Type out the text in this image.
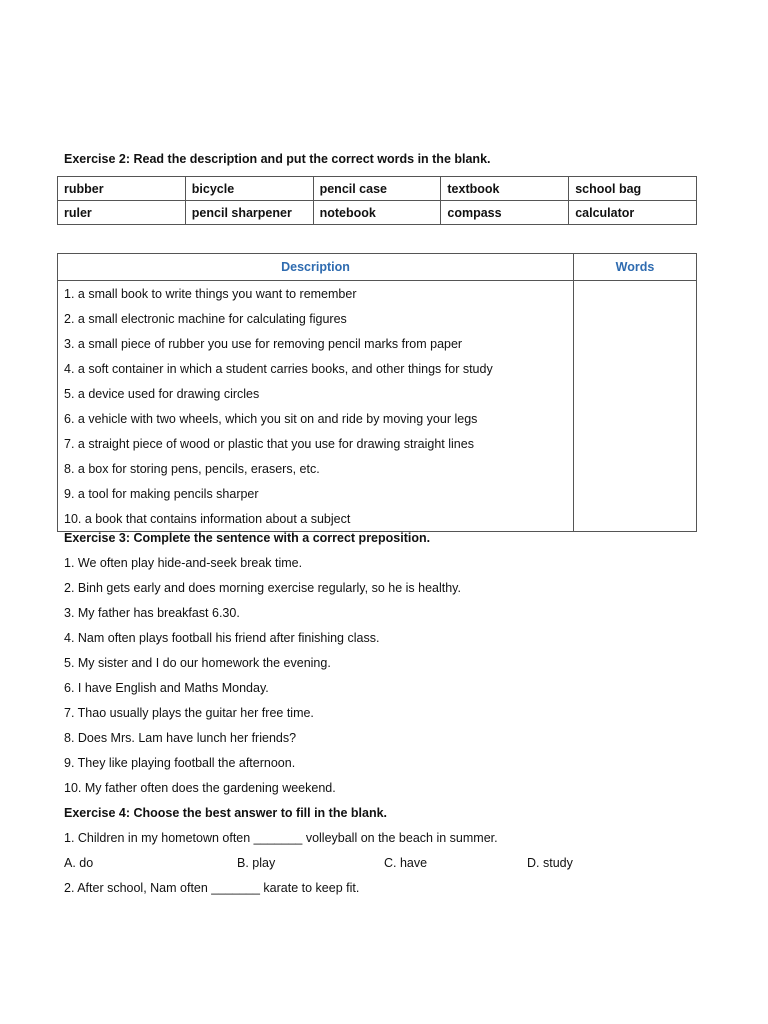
Exercise 2: Read the description and put the correct words in the blank.
rubber	bicycle	pencil case	textbook	school bag
ruler	pencil sharpener	notebook	compass	calculator
Description	Words
1. a small book to write things you want to remember	
2. a small electronic machine for calculating figures	
3. a small piece of rubber you use for removing pencil marks from paper	
4. a soft container in which a student carries books, and other things for study	
5. a device used for drawing circles	
6. a vehicle with two wheels, which you sit on and ride by moving your legs	
7. a straight piece of wood or plastic that you use for drawing straight lines	
8. a box for storing pens, pencils, erasers, etc.	
9. a tool for making pencils sharper	
10. a book that contains information about a subject	
Exercise 3: Complete the sentence with a correct preposition.
1. We often play hide-and-seek break time.
2. Binh gets early and does morning exercise regularly, so he is healthy.
3. My father has breakfast 6.30.
4. Nam often plays football his friend after finishing class.
5. My sister and I do our homework the evening.
6. I have English and Maths Monday.
7. Thao usually plays the guitar her free time.
8. Does Mrs. Lam have lunch her friends?
9. They like playing football the afternoon.
10. My father often does the gardening weekend.
Exercise 4: Choose the best answer to fill in the blank.
1. Children in my hometown often _______ volleyball on the beach in summer.
A. do	B. play	C. have	D. study
2. After school, Nam often _______ karate to keep fit.
